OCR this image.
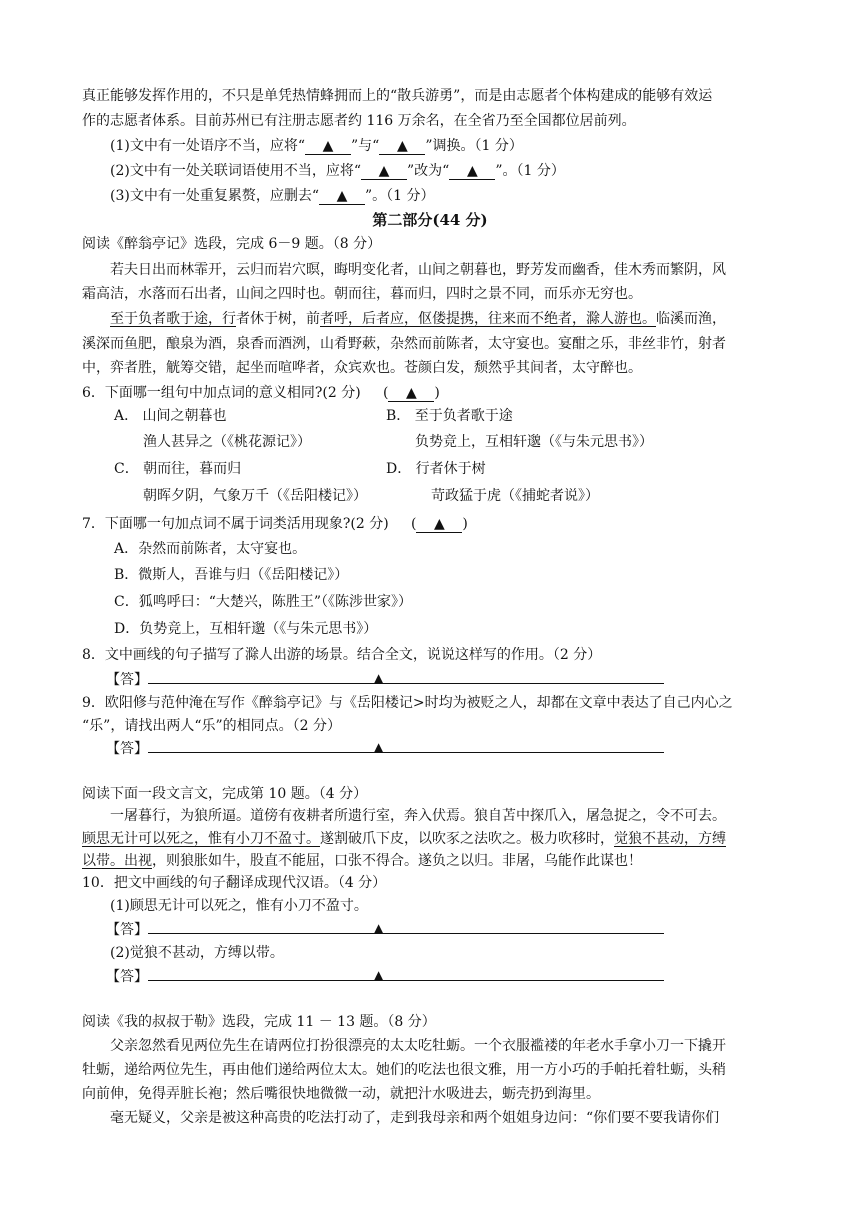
真正能够发挥作用的，不只是单凭热情蜂拥而上的“散兵游勇”，而是由志愿者个体构建成的能够有效运
作的志愿者体系。目前苏州已有注册志愿者约 116 万余名，在全省乃至全国都位居前列。
(1)文中有一处语序不当，应将“ ▲ ”与“ ▲ ”调换。（1 分）
(2)文中有一处关联词语使用不当，应将“ ▲ ”改为“ ▲ ”。（1 分）
(3)文中有一处重复累赘，应删去“ ▲ ”。（1 分）
第二部分(44 分)
阅读《醉翁亭记》选段，完成 6－9 题。（8 分）
若夫日出而林霏开，云归而岩穴暝，晦明变化者，山间之朝暮也，野芳发而幽香，佳木秀而繁阴，风
霜高洁，水落而石出者，山间之四时也。朝而往，暮而归，四时之景不同，而乐亦无穷也。
至于负者歌于途，行者休于树，前者呼，后者应，伛偻提携，往来而不绝者，滁人游也。临溪而渔，
溪深而鱼肥，酿泉为酒，泉香而酒洌，山肴野蔌，杂然而前陈者，太守宴也。宴酣之乐，非丝非竹，射者
中，弈者胜，觥筹交错，起坐而喧哗者，众宾欢也。苍颜白发，颓然乎其间者，太守醉也。
6．下面哪一组句中加点词的意义相同?(2 分)     ( ▲ )
A． 山间之朝暮也
渔人甚异之（《桃花源记》）
B． 至于负者歌于途
负势竞上，互相轩邈（《与朱元思书》）
C． 朝而往，暮而归
朝晖夕阴，气象万千（《岳阳楼记》）
D． 行者休于树
苛政猛于虎（《捕蛇者说》）
7．下面哪一句加点词不属于词类活用现象?(2 分)     ( ▲ )
A．杂然而前陈者，太守宴也。
B．微斯人，吾谁与归（《岳阳楼记》）
C．狐鸣呼曰：“大楚兴，陈胜王”（《陈涉世家》）
D．负势竞上，互相轩邈（《与朱元思书》）
8．文中画线的句子描写了滁人出游的场景。结合全文，说说这样写的作用。（2 分）
【答】	▲
9．欧阳修与范仲淹在写作《醉翁亭记》与《岳阳楼记>时均为被贬之人，却都在文章中表达了自己内心之
“乐”，请找出两人“乐”的相同点。（2 分）
【答】	▲
阅读下面一段文言文，完成第 10 题。（4 分）
一屠暮行，为狼所逼。道傍有夜耕者所遗行室，奔入伏焉。狼自苫中探爪入，屠急捉之，令不可去。
顾思无计可以死之，惟有小刀不盈寸。遂割破爪下皮，以吹豕之法吹之。极力吹移时，觉狼不甚动，方缚
以带。出视，则狼胀如牛，股直不能屈，口张不得合。遂负之以归。非屠，乌能作此谋也！
10．把文中画线的句子翻译成现代汉语。（4 分）
(1)顾思无计可以死之，惟有小刀不盈寸。
【答】	▲
(2)觉狼不甚动，方缚以带。
【答】	▲
阅读《我的叔叔于勒》选段，完成 11 － 13 题。（8 分）
父亲忽然看见两位先生在请两位打扮很漂亮的太太吃牡蛎。一个衣服褴褛的年老水手拿小刀一下撬开
牡蛎，递给两位先生，再由他们递给两位太太。她们的吃法也很文雅，用一方小巧的手帕托着牡蛎，头稍
向前伸，免得弄脏长袍；然后嘴很快地微微一动，就把汁水吸进去，蛎壳扔到海里。
毫无疑义，父亲是被这种高贵的吃法打动了，走到我母亲和两个姐姐身边问：“你们要不要我请你们
